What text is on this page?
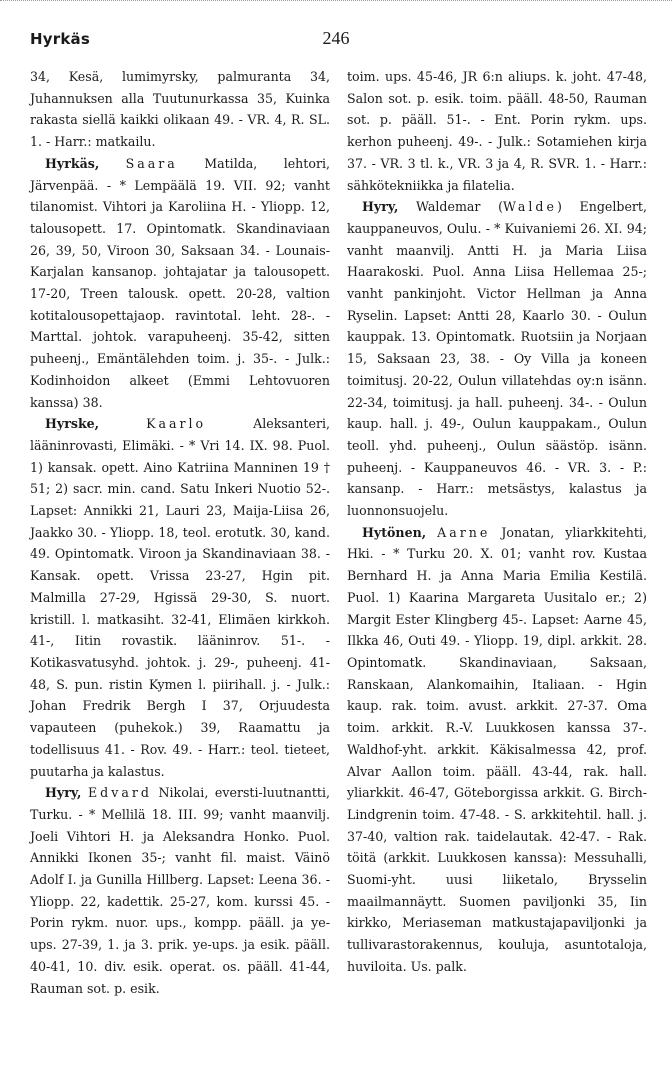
Hyrkäs	246

34, Kesä, lumimyrsky, palmuranta 34, Juhannuksen alla Tuutunurkassa 35, Kuinka rakasta siellä kaikki olikaan 49. - VR. 4, R. SL. 1. - Harr.: matkailu.

Hyrkäs, Saara Matilda, lehtori, Järvenpää. - * Lempäälä 19. VII. 92; vanht tilanomist. Vihtori ja Karoliina H. - Yliopp. 12, talousopett. 17. Opintomatk. Skandinaviaan 26, 39, 50, Viroon 30, Saksaan 34. - Lounais-Karjalan kansanop. johtajatar ja talousopett. 17-20, Treen talousk. opett. 20-28, valtion kotitalousopettajaop. ravintotal. leht. 28-. - Marttal. johtok. varapuheenj. 35-42, sitten puheenj., Emäntälehden toim. j. 35-. - Julk.: Kodinhoidon alkeet (Emmi Lehtovuoren kanssa) 38.

Hyrske,	Kaarlo Aleksanteri, lääninrovasti, Elimäki. - * Vri 14. IX. 98. Puol. 1) kansak. opett. Aino Katriina Manninen 19 † 51; 2) sacr. min. cand. Satu Inkeri Nuotio 52-. Lapset: Annikki 21, Lauri 23, Maija-Liisa 26, Jaakko 30. - Yliopp. 18, teol. erotutk. 30, kand. 49. Opintomatk. Viroon ja Skandinaviaan 38. - Kansak. opett. Vrissa 23-27, Hgin pit. Malmilla 27-29, Hgissä 29-30, S. nuort. kristill. l. matkasiht. 32-41, Elimäen kirkkoh. 41-, Iitin rovastik. lääninrov. 51-. - Kotikasvatusyhd. johtok. j. 29-, puheenj. 41-48, S. pun. ristin Kymen l. piirihall. j. - Julk.: Johan Fredrik Bergh I 37, Orjuudesta vapauteen (puhekok.) 39, Raamattu ja todellisuus 41. - Rov. 49. - Harr.: teol. tieteet, puutarha ja kalastus.

Hyry, Edvard Nikolai, eversti-luutnantti, Turku. - * Mellilä 18. III. 99; vanht maanvilj. Joeli Vihtori H. ja Aleksandra Honko. Puol. Annikki Ikonen 35-; vanht fil. maist. Väinö Adolf I. ja Gunilla Hillberg. Lapset: Leena 36. - Yliopp. 22, kadettik. 25-27, kom. kurssi 45. - Porin rykm. nuor. ups., kompp. pääll. ja ye-ups. 27-39, 1. ja 3. prik. ye-ups. ja esik. pääll. 40-41, 10. div. esik. operat. os. pääll. 41-44, Rauman sot. p. esik.

toim. ups. 45-46, JR 6:n aliups. k. joht. 47-48, Salon sot. p. esik. toim. pääll. 48-50, Rauman sot. p. pääll. 51-. - Ent. Porin rykm. ups. kerhon puheenj. 49-. - Julk.: Sotamiehen kirja 37. - VR. 3 tl. k., VR. 3 ja 4, R. SVR. 1. - Harr.: sähkötekniikka ja filatelia.

Hyry, Waldemar (Walde) Engelbert, kauppaneuvos, Oulu. - * Kuivaniemi 26. XI. 94; vanht maanvilj. Antti H. ja Maria Liisa Haarakoski. Puol. Anna Liisa Hellemaa 25-; vanht pankinjoht. Victor Hellman ja Anna Ryselin. Lapset: Antti 28, Kaarlo 30. - Oulun kauppak. 13. Opintomatk. Ruotsiin ja Norjaan 15, Saksaan 23, 38. - Oy Villa ja koneen toimitusj. 20-22, Oulun villatehdas oy:n isänn. 22-34, toimitusj. ja hall. puheenj. 34-. - Oulun kaup. hall. j. 49-, Oulun kauppakam., Oulun teoll. yhd. puheenj., Oulun säästöp. isänn. puheenj. - Kauppaneuvos 46. - VR. 3. - P.: kansanp. - Harr.: metsästys, kalastus ja luonnonsuojelu.

Hytönen, Aarne Jonatan, yliarkkitehti, Hki. - * Turku 20. X. 01; vanht rov. Kustaa Bernhard H. ja Anna Maria Emilia Kestilä. Puol. 1) Kaarina Margareta Uusitalo er.; 2) Margit Ester Klingberg 45-. Lapset: Aarne 45, Ilkka 46, Outi 49. - Yliopp. 19, dipl. arkkit. 28. Opintomatk. Skandinaviaan, Saksaan, Ranskaan, Alankomaihin, Italiaan. - Hgin kaup. rak. toim. avust. arkkit. 27-37. Oma toim. arkkit. R.-V. Luukkosen kanssa 37-. Waldhof-yht. arkkit. Käkisalmessa 42, prof. Alvar Aallon toim. pääll. 43-44, rak. hall. yliarkkit. 46-47, Göteborgissa arkkit. G. Birch-Lindgrenin toim. 47-48. - S. arkkitehtil. hall. j. 37-40, valtion rak. taidelautak. 42-47. - Rak. töitä (arkkit. Luukkosen kanssa): Messuhalli, Suomi-yht. uusi liiketalo, Brysselin maailmannäytt. Suomen paviljonki 35, Iin kirkko, Meriaseman matkustajapaviljonki ja tullivarastorakennus, kouluja, asuntotaloja, huviloita. Us. palk.
